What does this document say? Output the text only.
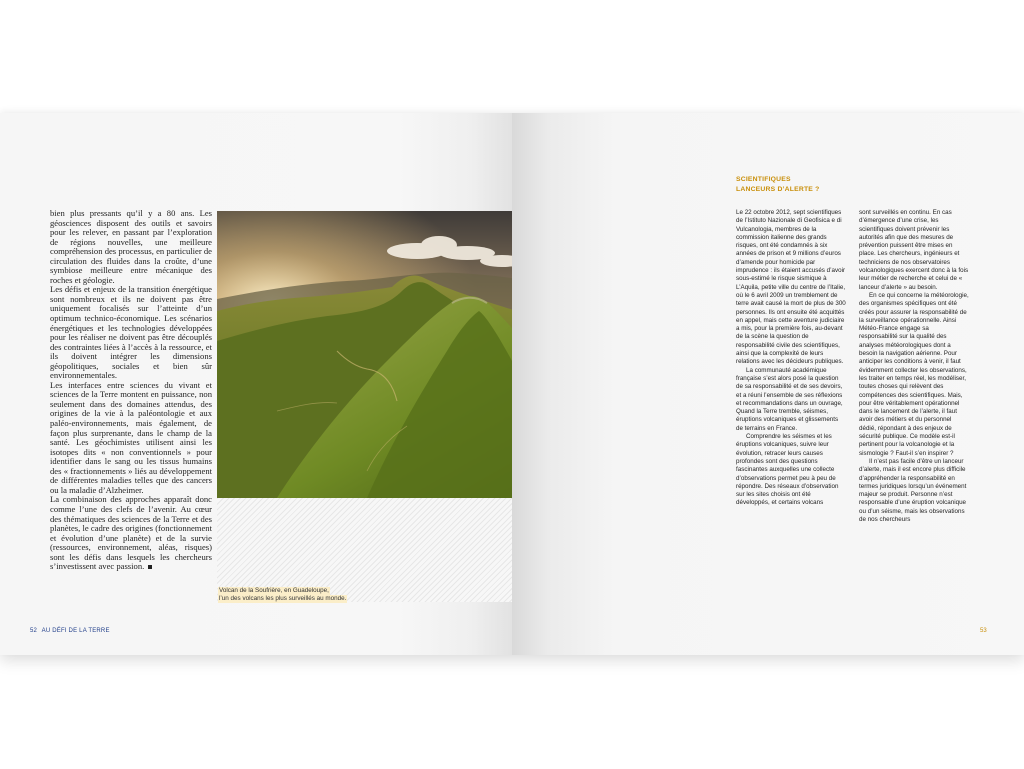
bien plus pressants qu’il y a 80 ans. Les géosciences disposent des outils et savoirs pour les relever, en passant par l’exploration de régions nouvelles, une meilleure compréhension des processus, en particulier de circulation des fluides dans la croûte, d’une symbiose meilleure entre mécanique des roches et géologie.

Les défis et enjeux de la transition énergétique sont nombreux et ils ne doivent pas être uniquement focalisés sur l’atteinte d’un optimum technico-économique. Les scénarios énergétiques et les technologies développées pour les réaliser ne doivent pas être découplés des contraintes liées à l’accès à la ressource, et ils doivent intégrer les dimensions géopolitiques, sociales et bien sûr environnementales.

Les interfaces entre sciences du vivant et sciences de la Terre montent en puissance, non seulement dans des domaines attendus, des origines de la vie à la paléontologie et aux paléo-environnements, mais également, de façon plus surprenante, dans le champ de la santé. Les géochimistes utilisent ainsi les isotopes dits « non conventionnels » pour identifier dans le sang ou les tissus humains des « fractionnements » liés au développement de différentes maladies telles que des cancers ou la maladie d’Alzheimer.

La combinaison des approches apparaît donc comme l’une des clefs de l’avenir. Au cœur des thématiques des sciences de la Terre et des planètes, le cadre des origines (fonctionnement et évolution d’une planète) et de la survie (ressources, environnement, aléas, risques) sont les défis dans lesquels les chercheurs s’investissent avec passion.

Volcan de la Soufrière, en Guadeloupe,
l’un des volcans les plus surveillés au monde.
52 AU DÉFI DE LA TERRE
SCIENTIFIQUES
LANCEURS D’ALERTE ?

Le 22 octobre 2012, sept scientifiques de l’Istituto Nazionale di Geofisica e di Vulcanologia, membres de la commission italienne des grands risques, ont été condamnés à six années de prison et 9 millions d’euros d’amende pour homicide par imprudence : ils étaient accusés d’avoir sous-estimé le risque sismique à L’Aquila, petite ville du centre de l’Italie, où le 6 avril 2009 un tremblement de terre avait causé la mort de plus de 300 personnes. Ils ont ensuite été acquittés en appel, mais cette aventure judiciaire a mis, pour la première fois, au-devant de la scène la question de responsabilité civile des scientifiques, ainsi que la complexité de leurs relations avec les décideurs publiques.

La communauté académique française s’est alors posé la question de sa responsabilité et de ses devoirs, et a réuni l’ensemble de ses réflexions et recommandations dans un ouvrage, Quand la Terre tremble, séismes, éruptions volcaniques et glissements de terrains en France.

Comprendre les séismes et les éruptions volcaniques, suivre leur évolution, retracer leurs causes profondes sont des questions fascinantes auxquelles une collecte d’observations permet peu à peu de répondre. Des réseaux d’observation sur les sites choisis ont été développés, et certains volcans

sont surveillés en continu. En cas d’émergence d’une crise, les scientifiques doivent prévenir les autorités afin que des mesures de prévention puissent être mises en place. Les chercheurs, ingénieurs et techniciens de nos observatoires volcanologiques exercent donc à la fois leur métier de recherche et celui de « lanceur d’alerte » au besoin.

En ce qui concerne la météorologie, des organismes spécifiques ont été créés pour assurer la responsabilité de la surveillance opérationnelle. Ainsi Météo-France engage sa responsabilité sur la qualité des analyses météorologiques dont a besoin la navigation aérienne. Pour anticiper les conditions à venir, il faut évidemment collecter les observations, les traiter en temps réel, les modéliser, toutes choses qui relèvent des compétences des scientifiques. Mais, pour être véritablement opérationnel dans le lancement de l’alerte, il faut avoir des métiers et du personnel dédié, répondant à des enjeux de sécurité publique. Ce modèle est-il pertinent pour la volcanologie et la sismologie ? Faut-il s’en inspirer ?

Il n’est pas facile d’être un lanceur d’alerte, mais il est encore plus difficile d’appréhender la responsabilité en termes juridiques lorsqu’un événement majeur se produit. Personne n’est responsable d’une éruption volcanique ou d’un séisme, mais les observations de nos chercheurs

53
